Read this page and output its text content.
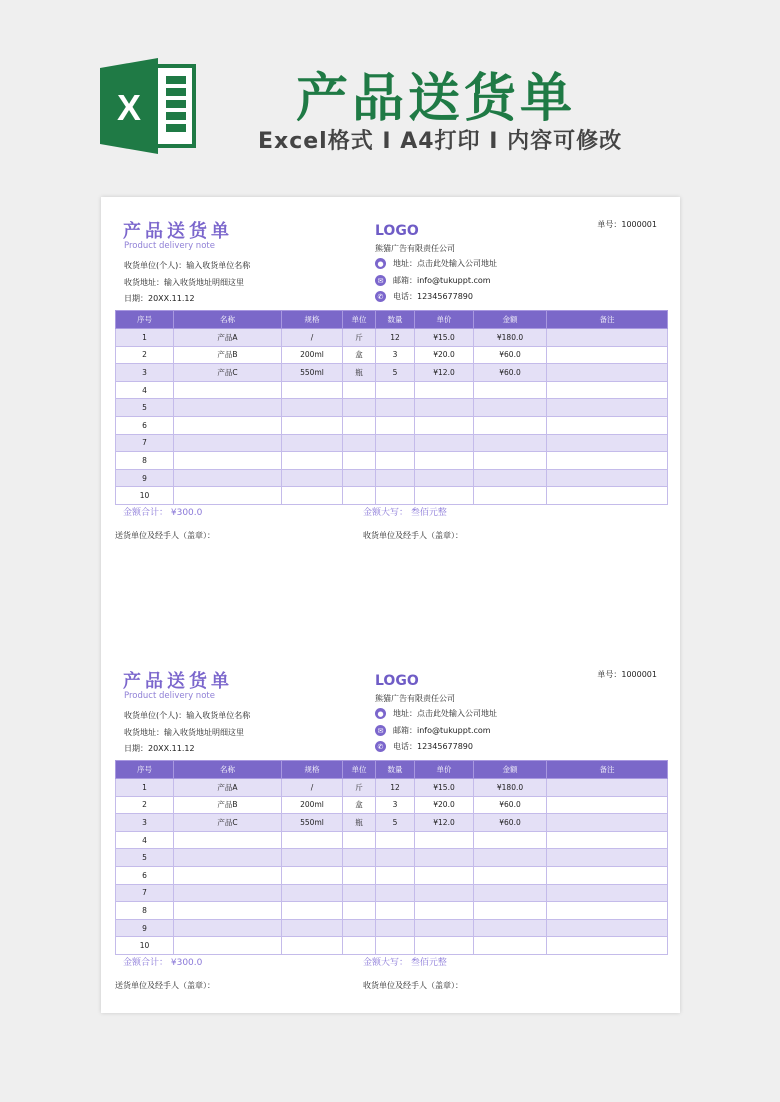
X	产品送货单
Excel格式 I A4打印 I 内容可修改
产品送货单
Product delivery note
收货单位(个人)：输入收货单位名称
收货地址：输入收货地址明细这里
日期：20XX.11.12
LOGO
熊猫广告有限责任公司
●	地址：点击此处输入公司地址
✉	邮箱：info@tukuppt.com
✆	电话：12345677890
单号：1000001
序号	名称	规格	单位	数量	单价	金额	备注
1	产品A	/	斤	12	¥15.0	¥180.0	
2	产品B	200ml	盒	3	¥20.0	¥60.0	
3	产品C	550ml	瓶	5	¥12.0	¥60.0	
4							
5							
6							
7							
8							
9							
10							
金额合计： ¥300.0	金额大写： 叁佰元整
送货单位及经手人（盖章）：	收货单位及经手人（盖章）：
产品送货单
Product delivery note
收货单位(个人)：输入收货单位名称
收货地址：输入收货地址明细这里
日期：20XX.11.12
LOGO
熊猫广告有限责任公司
●	地址：点击此处输入公司地址
✉	邮箱：info@tukuppt.com
✆	电话：12345677890
单号：1000001
序号	名称	规格	单位	数量	单价	金额	备注
1	产品A	/	斤	12	¥15.0	¥180.0	
2	产品B	200ml	盒	3	¥20.0	¥60.0	
3	产品C	550ml	瓶	5	¥12.0	¥60.0	
4							
5							
6							
7							
8							
9							
10							
金额合计： ¥300.0	金额大写： 叁佰元整
送货单位及经手人（盖章）：	收货单位及经手人（盖章）：
